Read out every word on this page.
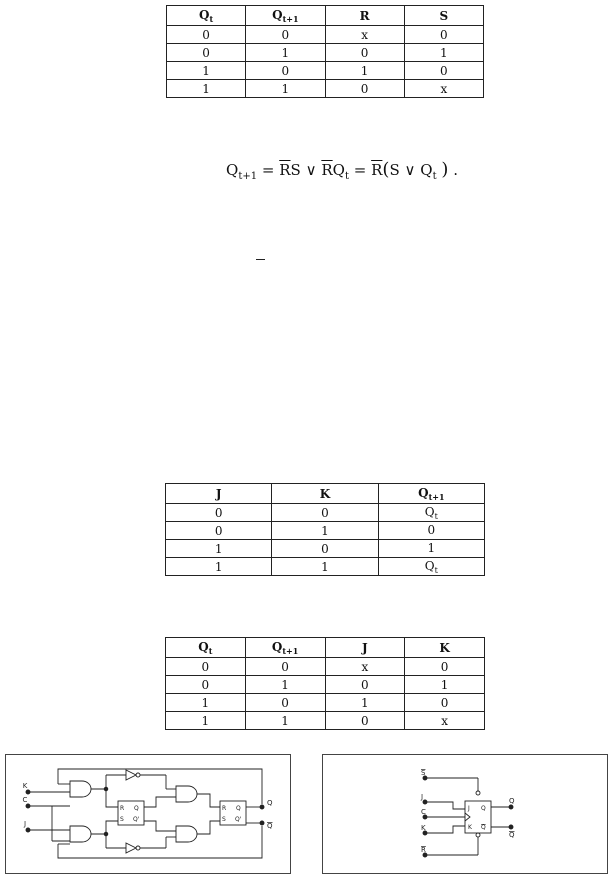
$Q_t$	$Q_{t+1}$	R	S
0	0	x	0
0	1	0	1
1	0	1	0
1	1	0	x
$Q_{t+1} = \overline{R}S$ ∨ $\overline{R}Q_t = \overline{R}(S$ ∨ $Q_t$ ) .
J	K	$Q_{t+1}$
0	0	$Q_t$
0	1	0
1	0	1
1	1	$Q_t$
$Q_t$	$Q_{t+1}$	J	K
0	0	x	0
0	1	0	1
1	0	1	0
1	1	0	x
R Q
S Q'
R Q
S Q'
K
C
J
Q
Q
J Q
K Q
S
J
C
K
R
Q
Q
